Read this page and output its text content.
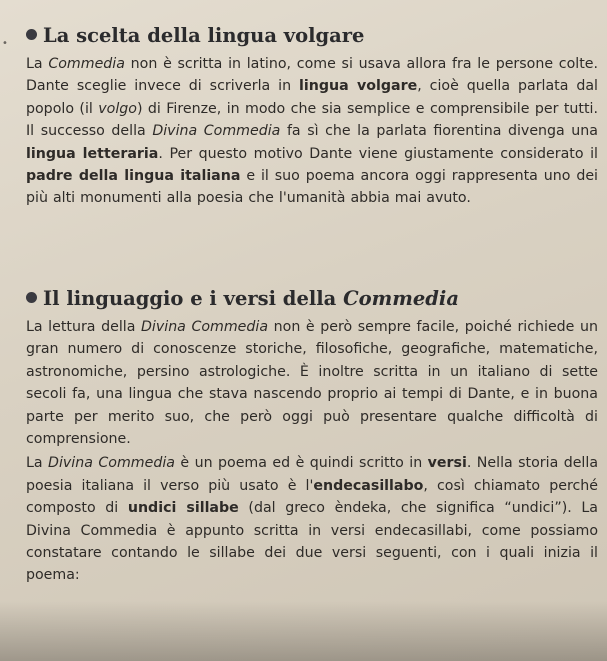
•	La scelta della lingua volgare

La Commedia non è scritta in latino, come si usava allora fra le persone colte. Dante sceglie invece di scriverla in lingua volgare, cioè quella parlata dal popolo (il volgo) di Firenze, in modo che sia semplice e comprensibile per tutti. Il successo della Divina Commedia fa sì che la parlata fiorentina divenga una lingua letteraria. Per questo motivo Dante viene giustamente considerato il padre della lingua italiana e il suo poema ancora oggi rappresenta uno dei più alti monumenti alla poesia che l'umanità abbia mai avuto.

Il linguaggio e i versi della Commedia

La lettura della Divina Commedia non è però sempre facile, poiché richiede un gran numero di conoscenze storiche, filosofiche, geografiche, matematiche, astronomiche, persino astrologiche. È inoltre scritta in un italiano di sette secoli fa, una lingua che stava nascendo proprio ai tempi di Dante, e in buona parte per merito suo, che però oggi può presentare qualche difficoltà di comprensione.

La Divina Commedia è un poema ed è quindi scritto in versi. Nella storia della poesia italiana il verso più usato è l'endecasillabo, così chiamato perché composto di undici sillabe (dal greco èndeka, che significa “undici”). La Divina Commedia è appunto scritta in versi endecasillabi, come possiamo constatare contando le sillabe dei due versi seguenti, con i quali inizia il poema:
